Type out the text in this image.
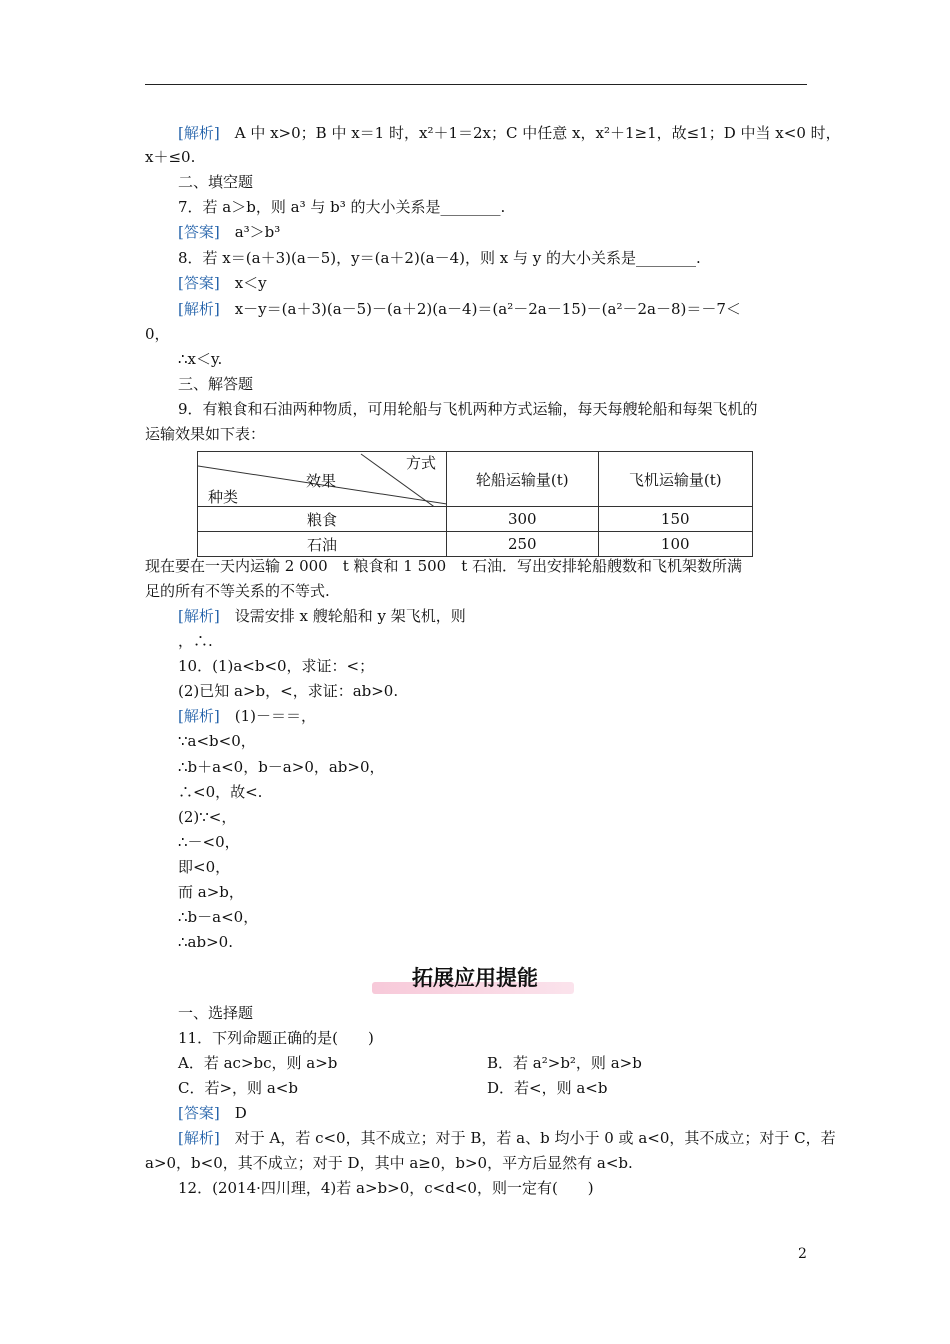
[解析]　A 中 x>0；B 中 x＝1 时，x²＋1＝2x；C 中任意 x，x²＋1≥1，故≤1；D 中当 x<0 时，
x＋≤0.
二、填空题
7．若 a＞b，则 a³ 与 b³ 的大小关系是________.
[答案]　a³＞b³
8．若 x＝(a＋3)(a－5)，y＝(a＋2)(a－4)，则 x 与 y 的大小关系是________.
[答案]　x＜y
[解析]　x－y＝(a＋3)(a－5)－(a＋2)(a－4)＝(a²－2a－15)－(a²－2a－8)＝－7＜
0，
∴x＜y.
三、解答题
9．有粮食和石油两种物质，可用轮船与飞机两种方式运输，每天每艘轮船和每架飞机的
运输效果如下表：
方式
效果
种类	轮船运输量(t)	飞机运输量(t)
粮食	300	150
石油	250	100
现在要在一天内运输 2 000　t 粮食和 1 500　t 石油．写出安排轮船艘数和飞机架数所满
足的所有不等关系的不等式.
[解析]　设需安排 x 艘轮船和 y 架飞机，则
，∴.
10．(1)a<b<0，求证：<；
(2)已知 a>b，<，求证：ab>0.
[解析]　(1)－＝＝，
∵a<b<0，
∴b＋a<0，b－a>0，ab>0，
∴<0，故<.
(2)∵<，
∴－<0，
即<0，
而 a>b，
∴b－a<0，
∴ab>0.
拓展应用提能
一、选择题
11．下列命题正确的是(　　)
A．若 ac>bc，则 a>b	B．若 a²>b²，则 a>b
C．若>，则 a<b	D．若<，则 a<b
[答案]　D
[解析]　对于 A，若 c<0，其不成立；对于 B，若 a、b 均小于 0 或 a<0，其不成立；对于 C，若
a>0，b<0，其不成立；对于 D，其中 a≥0，b>0，平方后显然有 a<b.
12．(2014·四川理，4)若 a>b>0，c<d<0，则一定有(　　)
2
